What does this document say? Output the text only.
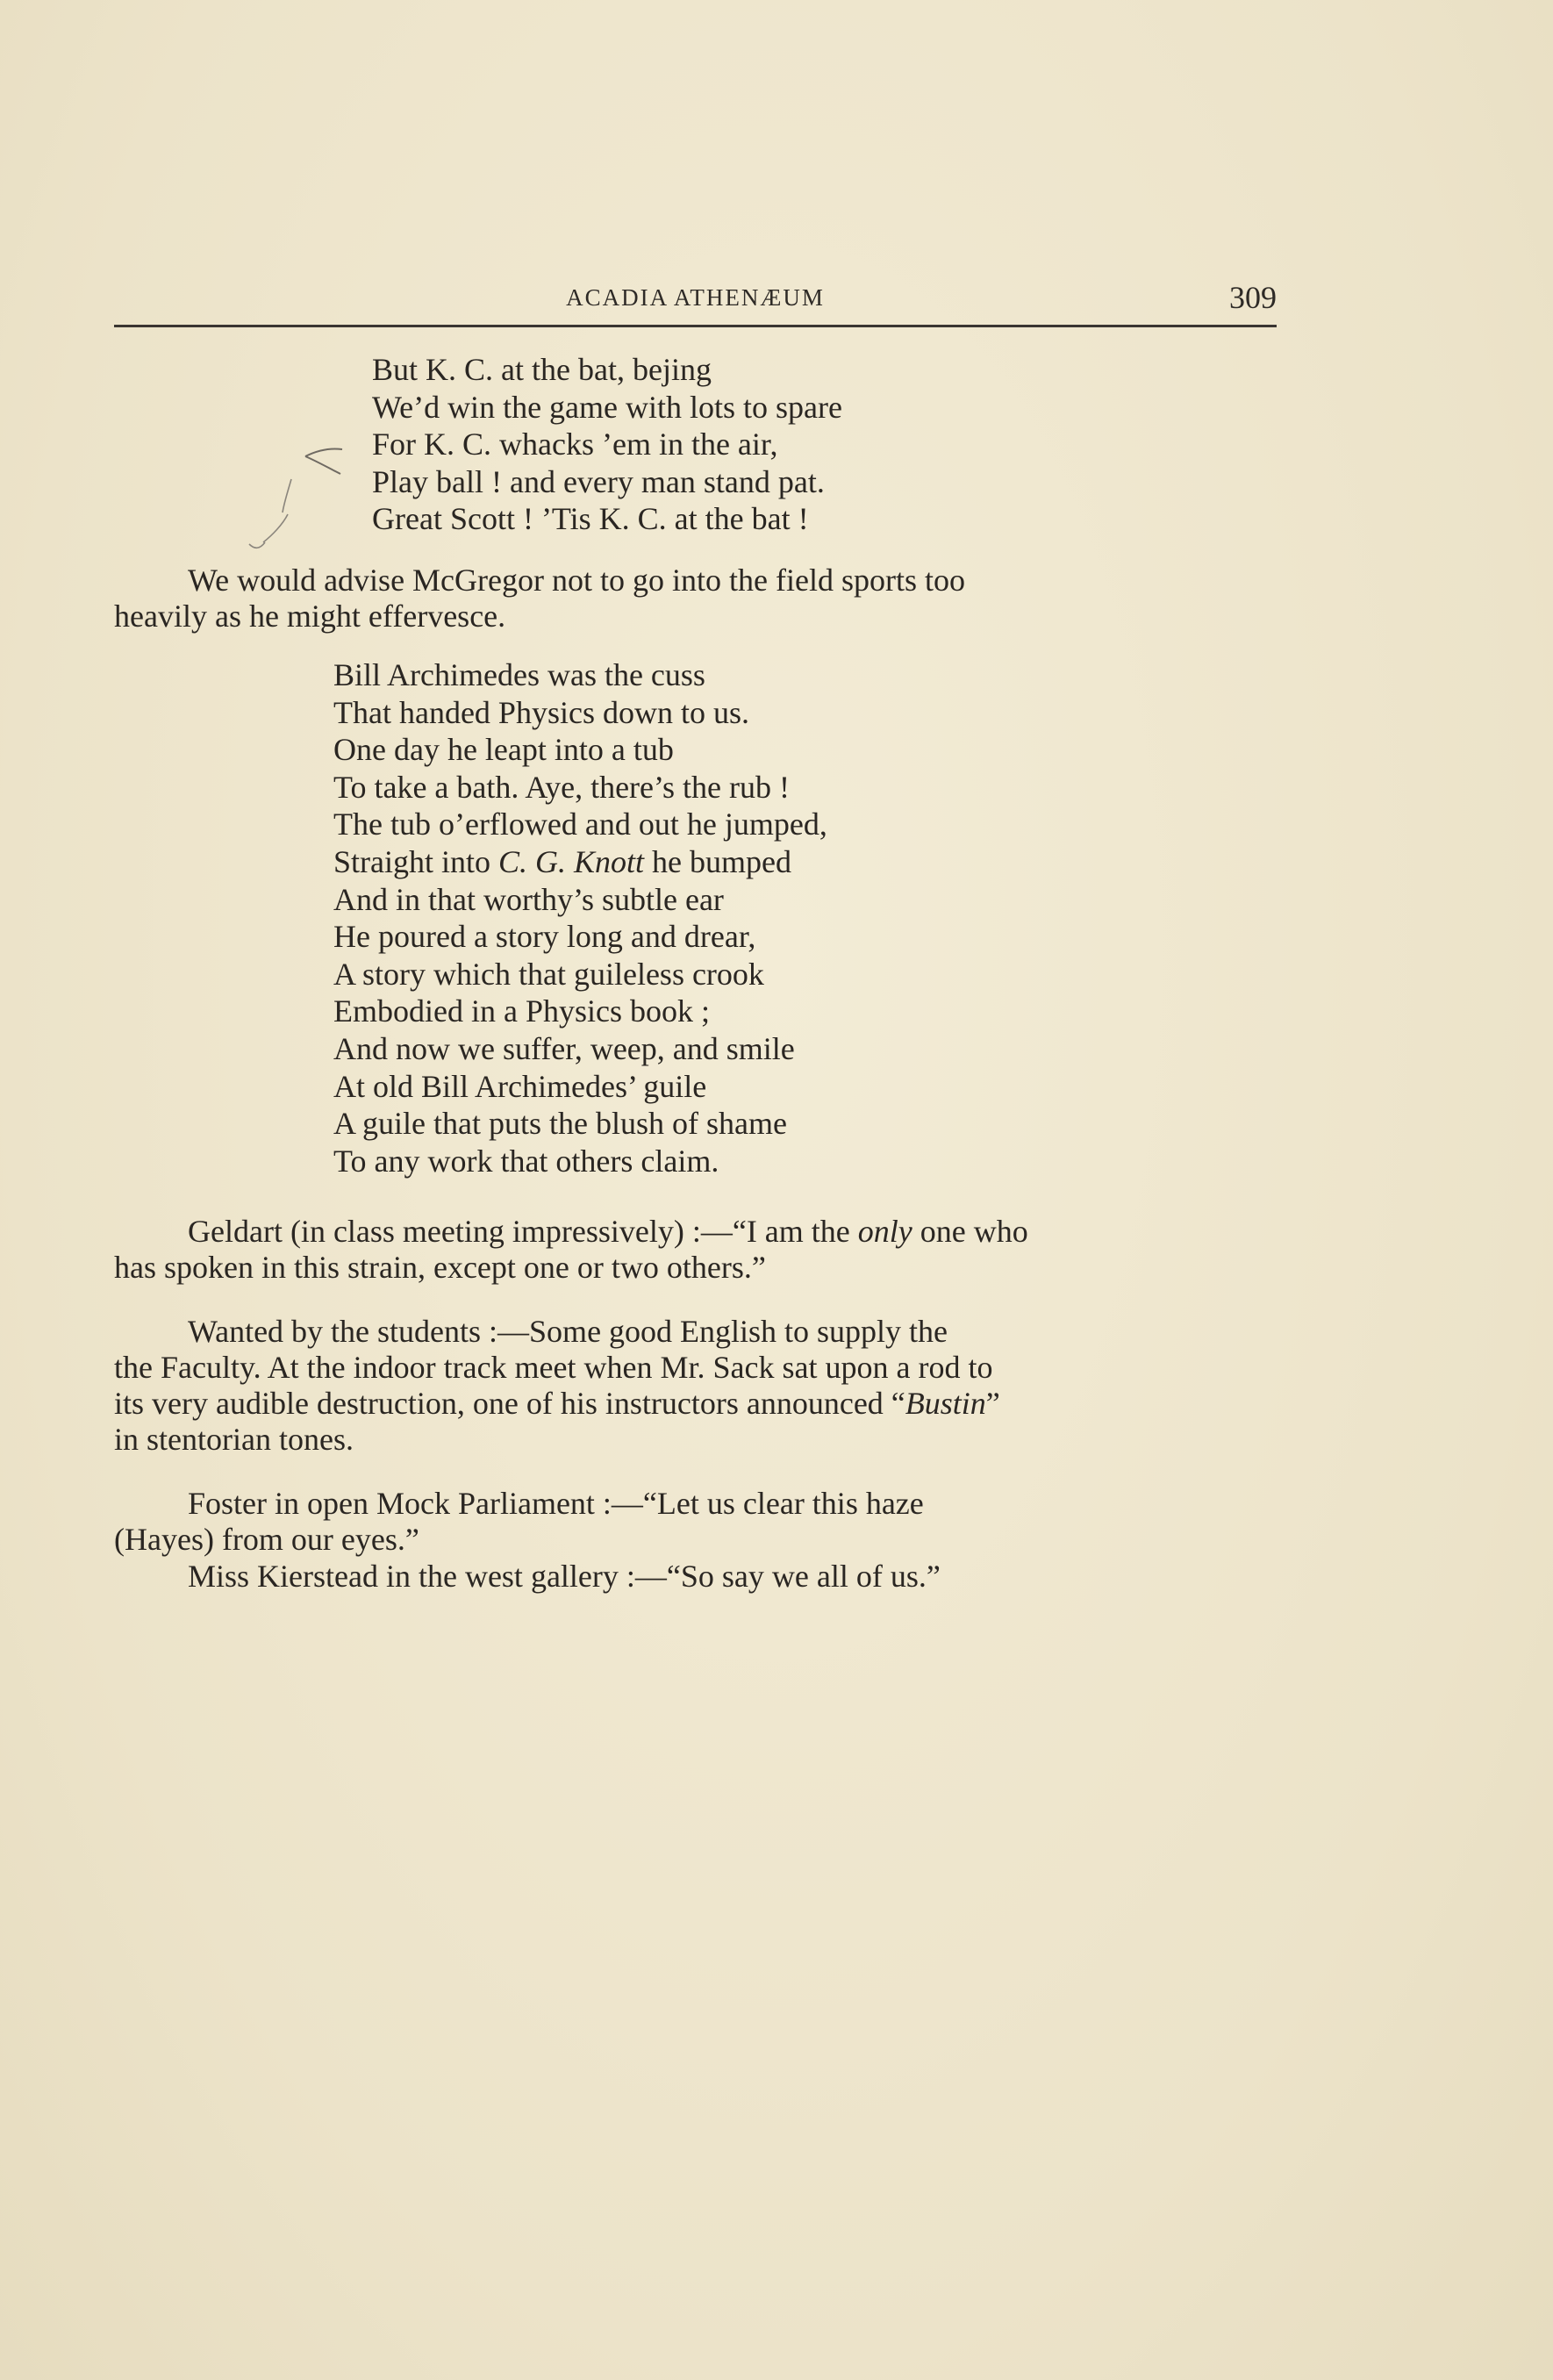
ACADIA ATHENÆUM	309
But K. C. at the bat, bejing
We’d win the game with lots to spare
For K. C. whacks ’em in the air,
Play ball ! and every man stand pat.
Great Scott ! ’Tis K. C. at the bat !

We would advise McGregor not to go into the field sports too

heavily as he might effervesce.

Bill Archimedes was the cuss
That handed Physics down to us.
One day he leapt into a tub
To take a bath. Aye, there’s the rub !
The tub o’erflowed and out he jumped,
Straight into C. G. Knott he bumped
And in that worthy’s subtle ear
He poured a story long and drear,
A story which that guileless crook
Embodied in a Physics book ;
And now we suffer, weep, and smile
At old Bill Archimedes’ guile
A guile that puts the blush of shame
To any work that others claim.

Geldart (in class meeting impressively) :—“I am the only one who

has spoken in this strain, except one or two others.”

Wanted by the students :—Some good English to supply the

the Faculty. At the indoor track meet when Mr. Sack sat upon a rod to

its very audible destruction, one of his instructors announced “Bustin”

in stentorian tones.

Foster in open Mock Parliament :—“Let us clear this haze

(Hayes) from our eyes.”

Miss Kierstead in the west gallery :—“So say we all of us.”
